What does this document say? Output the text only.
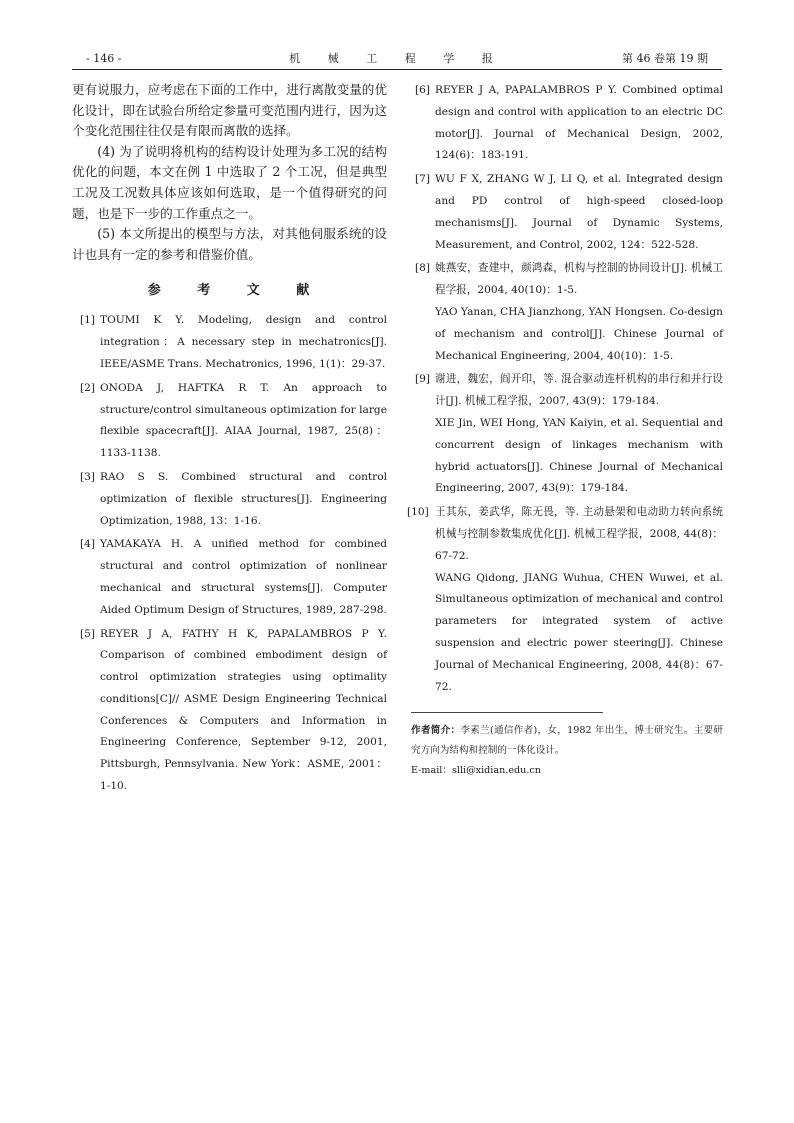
- 146 -	机 械 工 程 学 报	第 46 卷第 19 期

更有说服力，应考虑在下面的工作中，进行离散变量的优化设计，即在试验台所给定参量可变范围内进行，因为这个变化范围往往仅是有限而离散的选择。

(4) 为了说明将机构的结构设计处理为多工况的结构优化的问题，本文在例 1 中选取了 2 个工况，但是典型工况及工况数具体应该如何选取，是一个值得研究的问题，也是下一步的工作重点之一。

(5) 本文所提出的模型与方法，对其他伺服系统的设计也具有一定的参考和借鉴价值。

参 考 文 献
[1] TOUMI K Y. Modeling, design and control integration：A necessary step in mechatronics[J]. IEEE/ASME Trans. Mechatronics, 1996, 1(1)：29-37.
[2] ONODA J, HAFTKA R T. An approach to structure/control simultaneous optimization for large flexible spacecraft[J]. AIAA Journal, 1987, 25(8)：1133-1138.
[3] RAO S S. Combined structural and control optimization of flexible structures[J]. Engineering Optimization, 1988, 13：1-16.
[4] YAMAKAYA H. A unified method for combined structural and control optimization of nonlinear mechanical and structural systems[J]. Computer Aided Optimum Design of Structures, 1989, 287-298.
[5] REYER J A, FATHY H K, PAPALAMBROS P Y. Comparison of combined embodiment design of control optimization strategies using optimality conditions[C]// ASME Design Engineering Technical Conferences & Computers and Information in Engineering Conference, September 9-12, 2001, Pittsburgh, Pennsylvania. New York：ASME, 2001：1-10.
[6] REYER J A, PAPALAMBROS P Y. Combined optimal design and control with application to an electric DC motor[J]. Journal of Mechanical Design, 2002, 124(6)：183-191.
[7] WU F X, ZHANG W J, LI Q, et al. Integrated design and PD control of high-speed closed-loop mechanisms[J]. Journal of Dynamic Systems, Measurement, and Control, 2002, 124：522-528.
[8] 姚燕安，查建中，颜鸿森，机构与控制的协同设计[J]. 机械工程学报，2004, 40(10)：1-5.
YAO Yanan, CHA Jianzhong, YAN Hongsen. Co-design of mechanism and control[J]. Chinese Journal of Mechanical Engineering, 2004, 40(10)：1-5.
[9] 谢进，魏宏，阎开印，等. 混合驱动连杆机构的串行和并行设计[J]. 机械工程学报，2007, 43(9)：179-184.
XIE Jin, WEI Hong, YAN Kaiyin, et al. Sequential and concurrent design of linkages mechanism with hybrid actuators[J]. Chinese Journal of Mechanical Engineering, 2007, 43(9)：179-184.
[10] 王其东，姜武华，陈无畏，等. 主动悬架和电动助力转向系统机械与控制参数集成优化[J]. 机械工程学报，2008, 44(8)：67-72.
WANG Qidong, JIANG Wuhua, CHEN Wuwei, et al. Simultaneous optimization of mechanical and control parameters for integrated system of active suspension and electric power steering[J]. Chinese Journal of Mechanical Engineering, 2008, 44(8)：67-72.

作者简介：李素兰(通信作者)，女，1982 年出生，博士研究生。主要研究方向为结构和控制的一体化设计。

E-mail：slli@xidian.edu.cn
